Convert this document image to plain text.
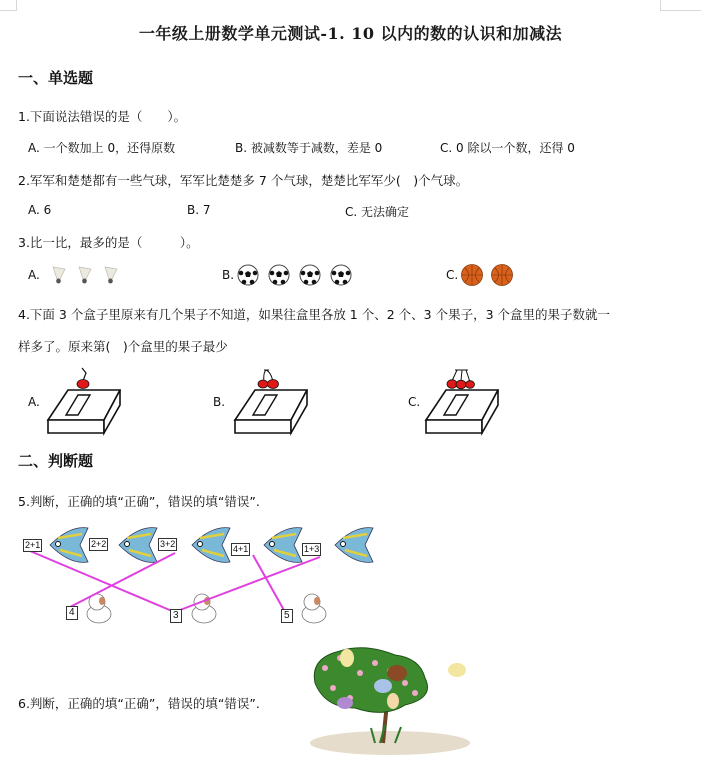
一年级上册数学单元测试-1. 10 以内的数的认识和加减法
一、单选题
1.下面说法错误的是（　　）。
A. 一个数加上 0，还得原数	B. 被减数等于减数，差是 0	C. 0 除以一个数，还得 0
2.军军和楚楚都有一些气球，军军比楚楚多 7 个气球，楚楚比军军少(　)个气球。
A. 6	B. 7	C. 无法确定
3.比一比，最多的是（　　　）。
A.	B.	C.
4.下面 3 个盒子里原来有几个果子不知道，如果往盒里各放 1 个、2 个、3 个果子，3 个盒里的果子数就一
样多了。原来第(　)个盒里的果子最少
A.	B.	C.
二、判断题
5.判断，正确的填“正确”，错误的填“错误”.
2+1	2+2	3+2	4+1	1+3
4	3	5
6.判断，正确的填“正确”，错误的填“错误”.
